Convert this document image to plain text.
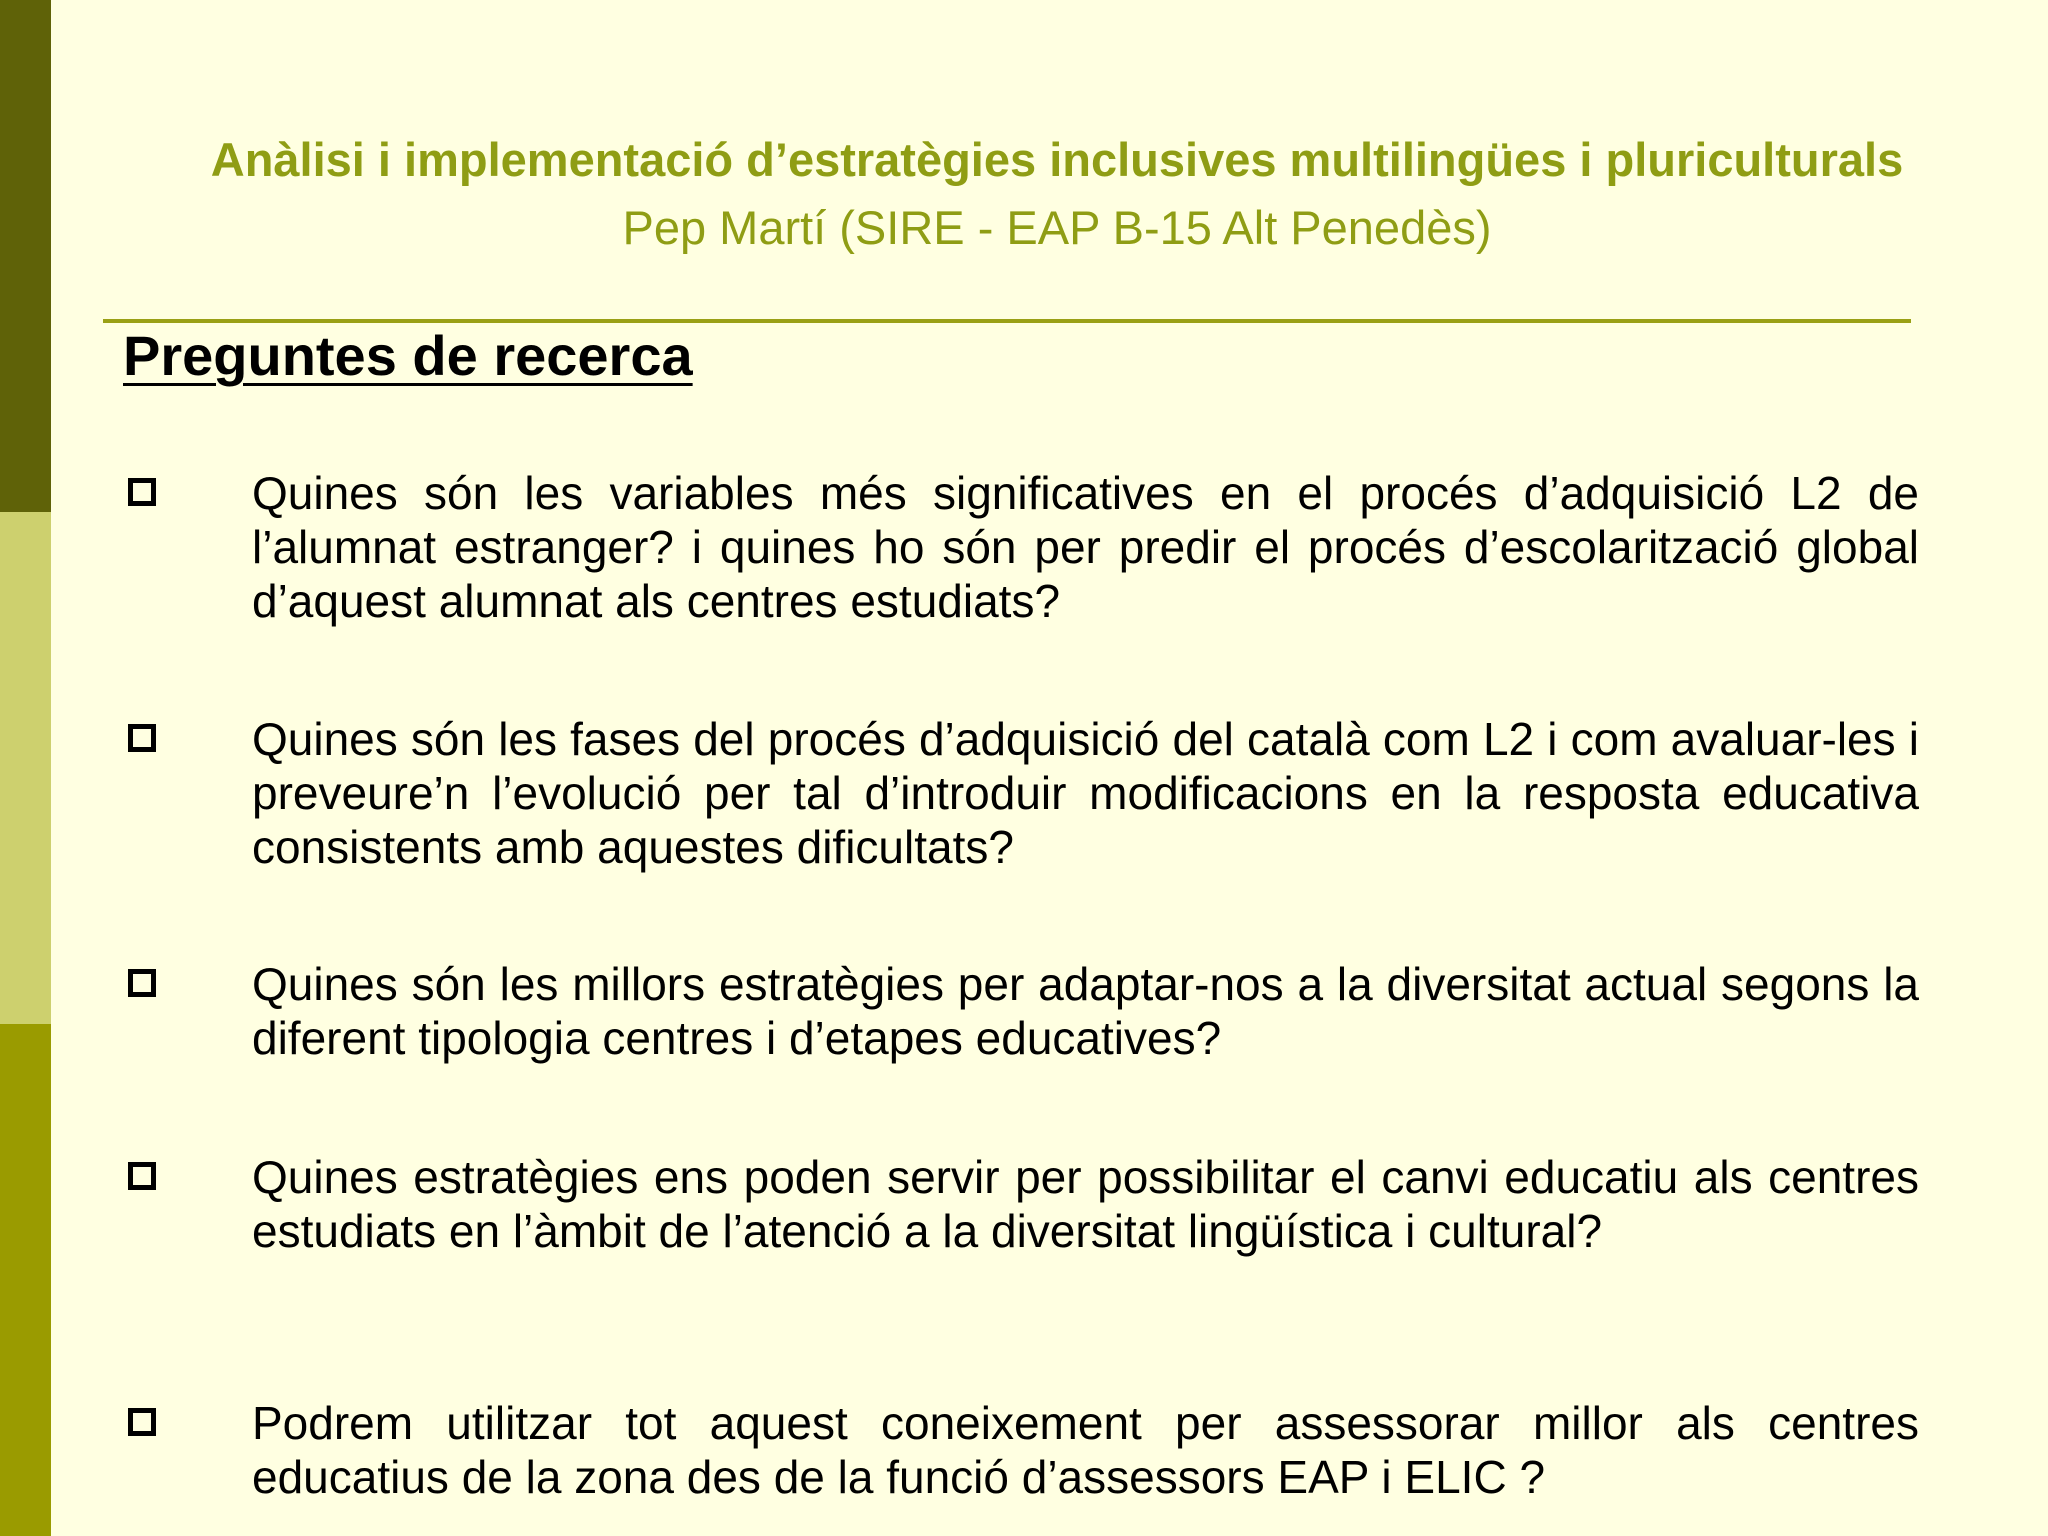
Anàlisi i implementació d’estratègies inclusives multilingües i pluriculturals
Pep Martí (SIRE - EAP B-15 Alt Penedès)
Preguntes de recerca
Quines són les variables més significatives en el procés d’adquisició L2 de l’alumnat estranger? i quines ho són per predir el procés d’escolarització global d’aquest alumnat als centres estudiats?
Quines són les fases del procés d’adquisició del català com L2 i com avaluar-les i preveure’n l’evolució per tal d’introduir modificacions en la resposta educativa consistents amb aquestes dificultats?
Quines són les millors estratègies per adaptar-nos a la diversitat actual segons la diferent tipologia centres i d’etapes educatives?
Quines estratègies ens poden servir per possibilitar el canvi educatiu als centres estudiats en l’àmbit de l’atenció a la diversitat lingüística i cultural?
Podrem utilitzar tot aquest coneixement per assessorar millor als centres educatius de la zona des de la funció d’assessors EAP i ELIC ?
